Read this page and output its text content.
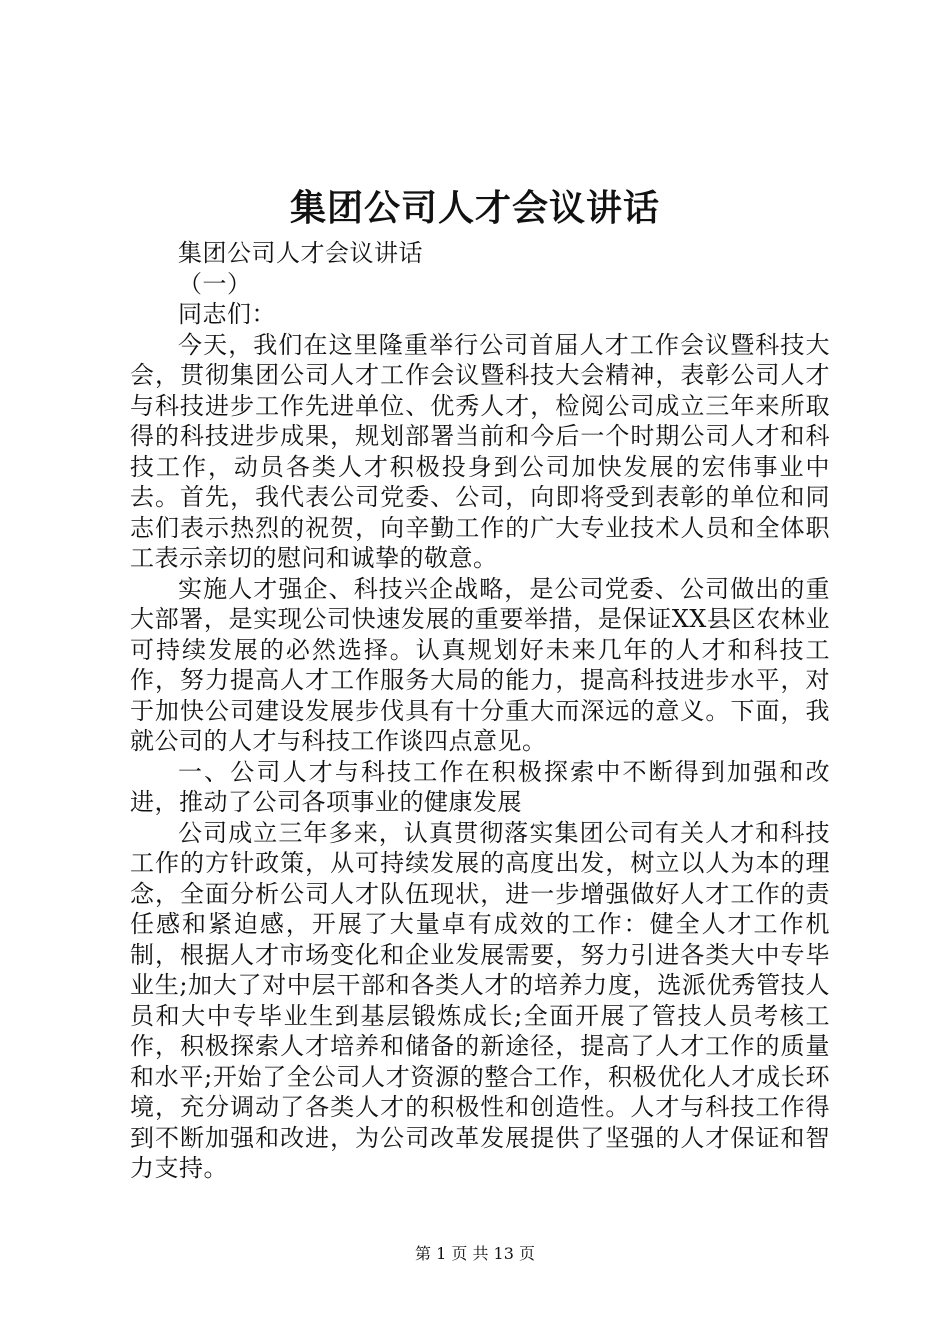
集团公司人才会议讲话

集团公司人才会议讲话

（一）

同志们：

今天，我们在这里隆重举行公司首届人才工作会议暨科技大会，贯彻集团公司人才工作会议暨科技大会精神，表彰公司人才与科技进步工作先进单位、优秀人才，检阅公司成立三年来所取得的科技进步成果，规划部署当前和今后一个时期公司人才和科技工作，动员各类人才积极投身到公司加快发展的宏伟事业中去。首先，我代表公司党委、公司，向即将受到表彰的单位和同志们表示热烈的祝贺，向辛勤工作的广大专业技术人员和全体职工表示亲切的慰问和诚挚的敬意。

实施人才强企、科技兴企战略，是公司党委、公司做出的重大部署，是实现公司快速发展的重要举措，是保证XX县区农林业可持续发展的必然选择。认真规划好未来几年的人才和科技工作，努力提高人才工作服务大局的能力，提高科技进步水平，对于加快公司建设发展步伐具有十分重大而深远的意义。下面，我就公司的人才与科技工作谈四点意见。

一、公司人才与科技工作在积极探索中不断得到加强和改进，推动了公司各项事业的健康发展

公司成立三年多来，认真贯彻落实集团公司有关人才和科技工作的方针政策，从可持续发展的高度出发，树立以人为本的理念，全面分析公司人才队伍现状，进一步增强做好人才工作的责任感和紧迫感，开展了大量卓有成效的工作：健全人才工作机制，根据人才市场变化和企业发展需要，努力引进各类大中专毕业生;加大了对中层干部和各类人才的培养力度，选派优秀管技人员和大中专毕业生到基层锻炼成长;全面开展了管技人员考核工作，积极探索人才培养和储备的新途径，提高了人才工作的质量和水平;开始了全公司人才资源的整合工作，积极优化人才成长环境，充分调动了各类人才的积极性和创造性。人才与科技工作得到不断加强和改进，为公司改革发展提供了坚强的人才保证和智力支持。

第 1 页 共 13 页
